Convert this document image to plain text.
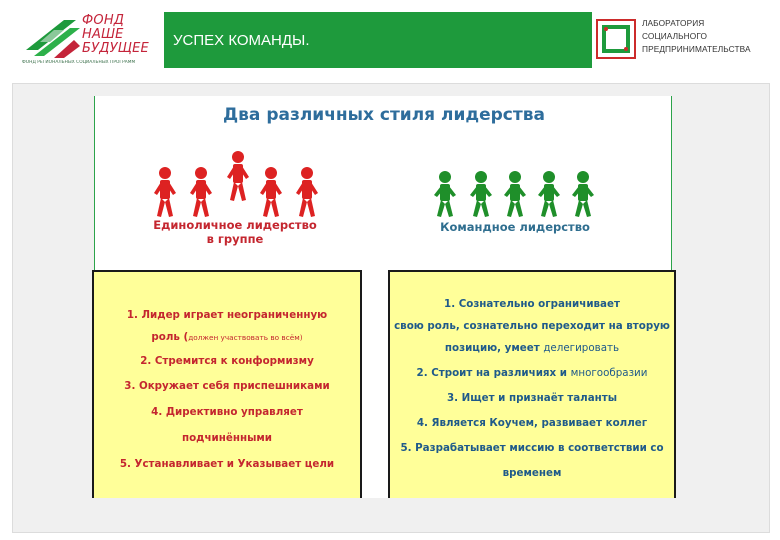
ФОНД
НАШЕ
БУДУЩЕЕ
ФОНД РЕГИОНАЛЬНЫХ СОЦИАЛЬНЫХ ПРОГРАММ
УСПЕХ КОМАНДЫ.
ЛАБОРАТОРИЯ
СОЦИАЛЬНОГО
ПРЕДПРИНИМАТЕЛЬСТВА
Два различных стиля лидерства
Единоличное лидерство
в группе
Командное лидерство
1. Лидер играет неограниченную
роль (должен участвовать во всём)
2. Стремится к конформизму
3. Окружает себя приспешниками
4. Директивно управляет
подчинёнными
5. Устанавливает и Указывает цели
1. Сознательно ограничивает
свою роль, сознательно переходит на вторую
позицию, умеет делегировать
2. Строит на различиях и многообразии
3. Ищет и признаёт таланты
4. Является Коучем, развивает коллег
5. Разрабатывает миссию в соответствии со
временем
